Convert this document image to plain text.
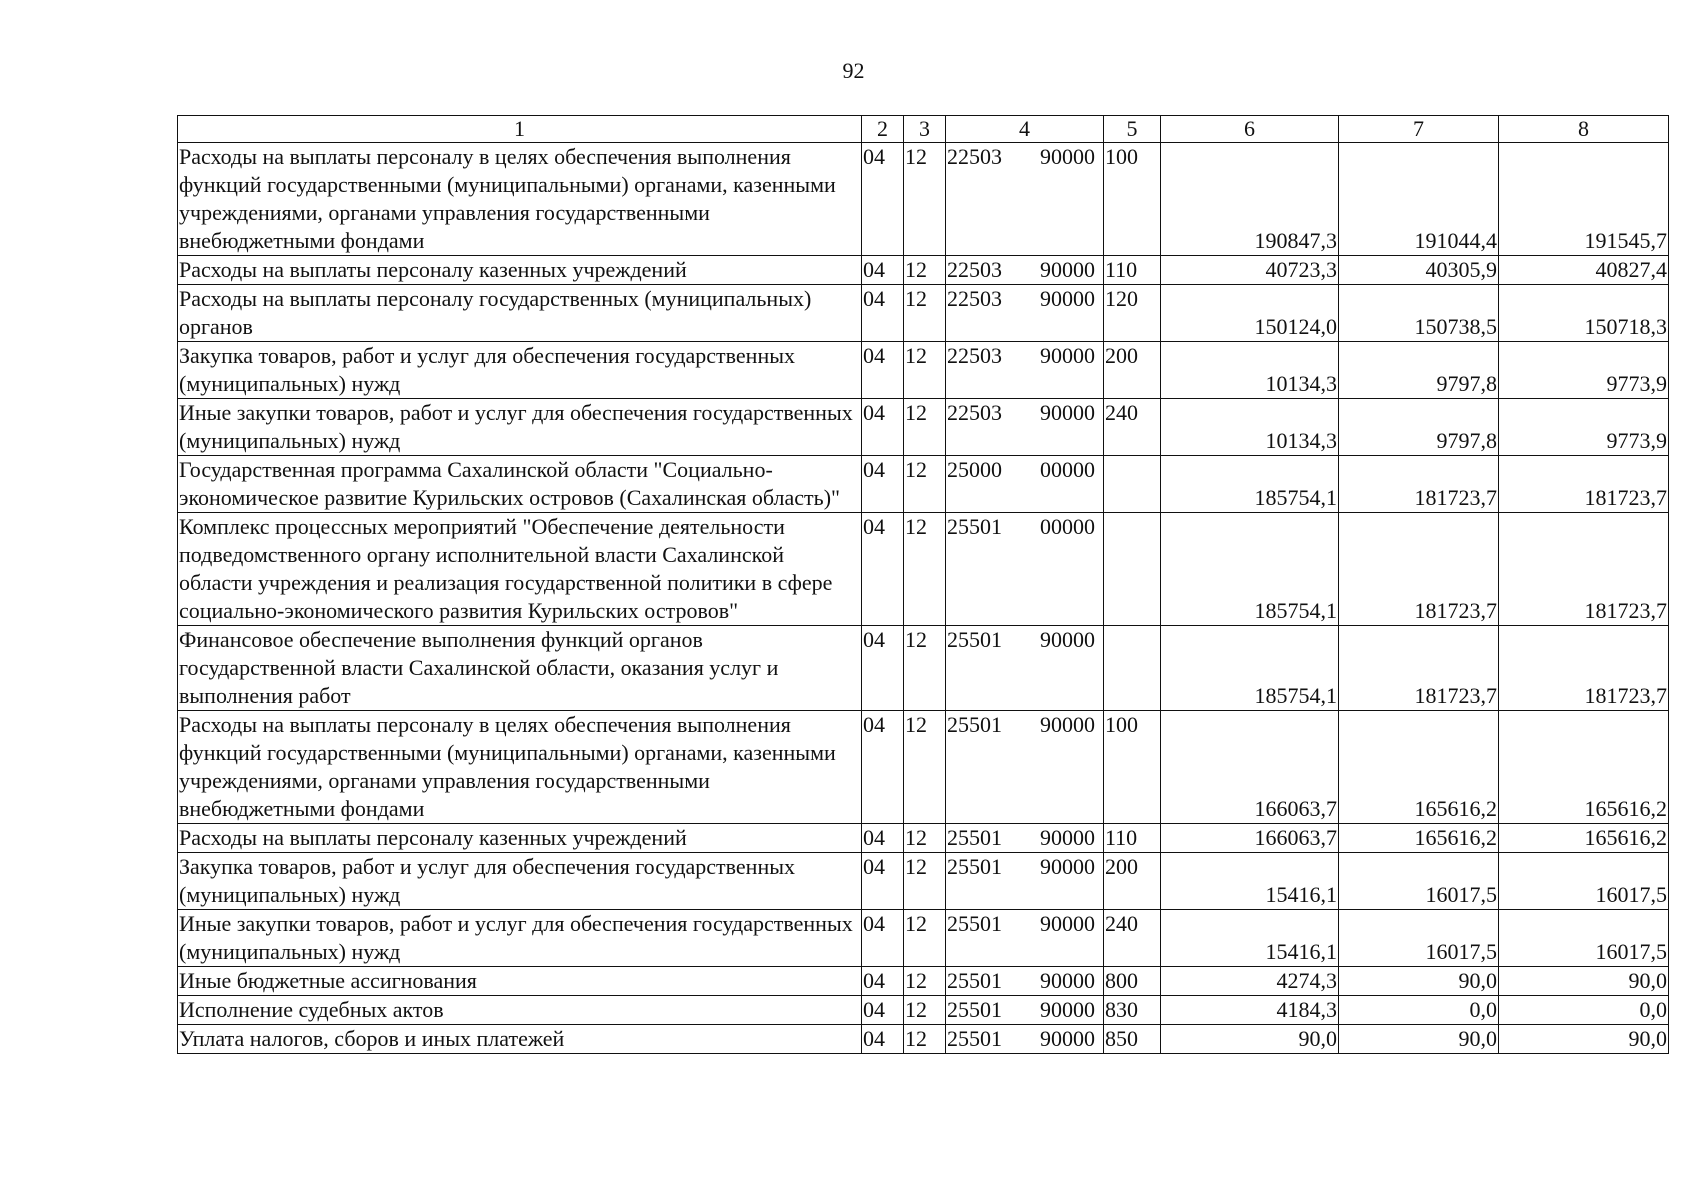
92
1	2	3	4	5	6	7	8
Расходы на выплаты персоналу в целях обеспечения выполнения функций государственными (муниципальными) органами, казенными учреждениями, органами управления государственными внебюджетными фондами	04	12	22503 90000	100	190847,3	191044,4	191545,7
Расходы на выплаты персоналу казенных учреждений	04	12	22503 90000	110	40723,3	40305,9	40827,4
Расходы на выплаты персоналу государственных (муниципальных) органов	04	12	22503 90000	120	150124,0	150738,5	150718,3
Закупка товаров, работ и услуг для обеспечения государственных (муниципальных) нужд	04	12	22503 90000	200	10134,3	9797,8	9773,9
Иные закупки товаров, работ и услуг для обеспечения государственных (муниципальных) нужд	04	12	22503 90000	240	10134,3	9797,8	9773,9
Государственная программа Сахалинской области "Социально-экономическое развитие Курильских островов (Сахалинская область)"	04	12	25000 00000		185754,1	181723,7	181723,7
Комплекс процессных мероприятий "Обеспечение деятельности подведомственного органу исполнительной власти Сахалинской области учреждения и реализация государственной политики в сфере социально-экономического развития Курильских островов"	04	12	25501 00000		185754,1	181723,7	181723,7
Финансовое обеспечение выполнения функций органов государственной власти Сахалинской области, оказания услуг и выполнения работ	04	12	25501 90000		185754,1	181723,7	181723,7
Расходы на выплаты персоналу в целях обеспечения выполнения функций государственными (муниципальными) органами, казенными учреждениями, органами управления государственными внебюджетными фондами	04	12	25501 90000	100	166063,7	165616,2	165616,2
Расходы на выплаты персоналу казенных учреждений	04	12	25501 90000	110	166063,7	165616,2	165616,2
Закупка товаров, работ и услуг для обеспечения государственных (муниципальных) нужд	04	12	25501 90000	200	15416,1	16017,5	16017,5
Иные закупки товаров, работ и услуг для обеспечения государственных (муниципальных) нужд	04	12	25501 90000	240	15416,1	16017,5	16017,5
Иные бюджетные ассигнования	04	12	25501 90000	800	4274,3	90,0	90,0
Исполнение судебных актов	04	12	25501 90000	830	4184,3	0,0	0,0
Уплата налогов, сборов и иных платежей	04	12	25501 90000	850	90,0	90,0	90,0
